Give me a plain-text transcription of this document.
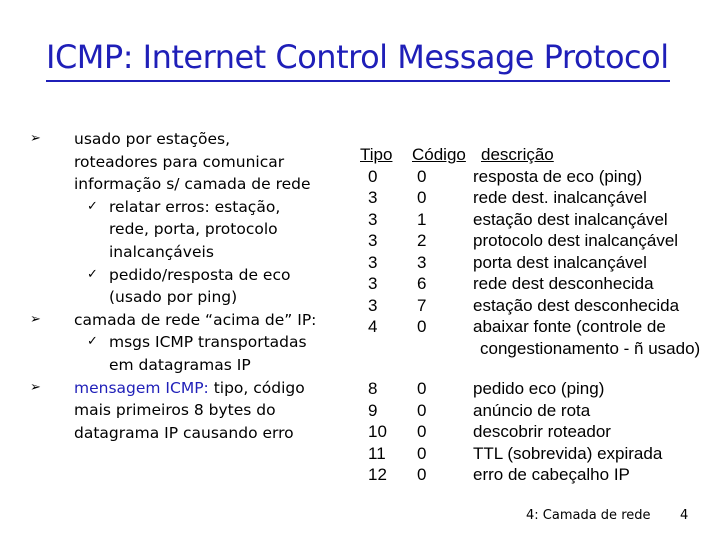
ICMP: Internet Control Message Protocol
➢	usado por estações,
roteadores para comunicar
informação s/ camada de rede
✓ relatar erros: estação,
rede, porta, protocolo
inalcançáveis
✓ pedido/resposta de eco
(usado por ping)
➢	camada de rede “acima de” IP:
✓ msgs ICMP transportadas
em datagramas IP
➢	mensagem ICMP: tipo, código
mais primeiros 8 bytes do
datagrama IP causando erro
Tipo Código descrição
0 0	resposta de eco (ping)
3 0	rede dest. inalcançável
3 1	estação dest inalcançável
3 2	protocolo dest inalcançável
3 3	porta dest inalcançável
3 6	rede dest desconhecida
3 7	estação dest desconhecida
4 0	abaixar fonte (controle de
congestionamento - ñ usado)
8 0	pedido eco (ping)
9 0	anúncio de rota
10 0	descobrir roteador
11 0	TTL (sobrevida) expirada
12 0	erro de cabeçalho IP
4: Camada de rede 4
